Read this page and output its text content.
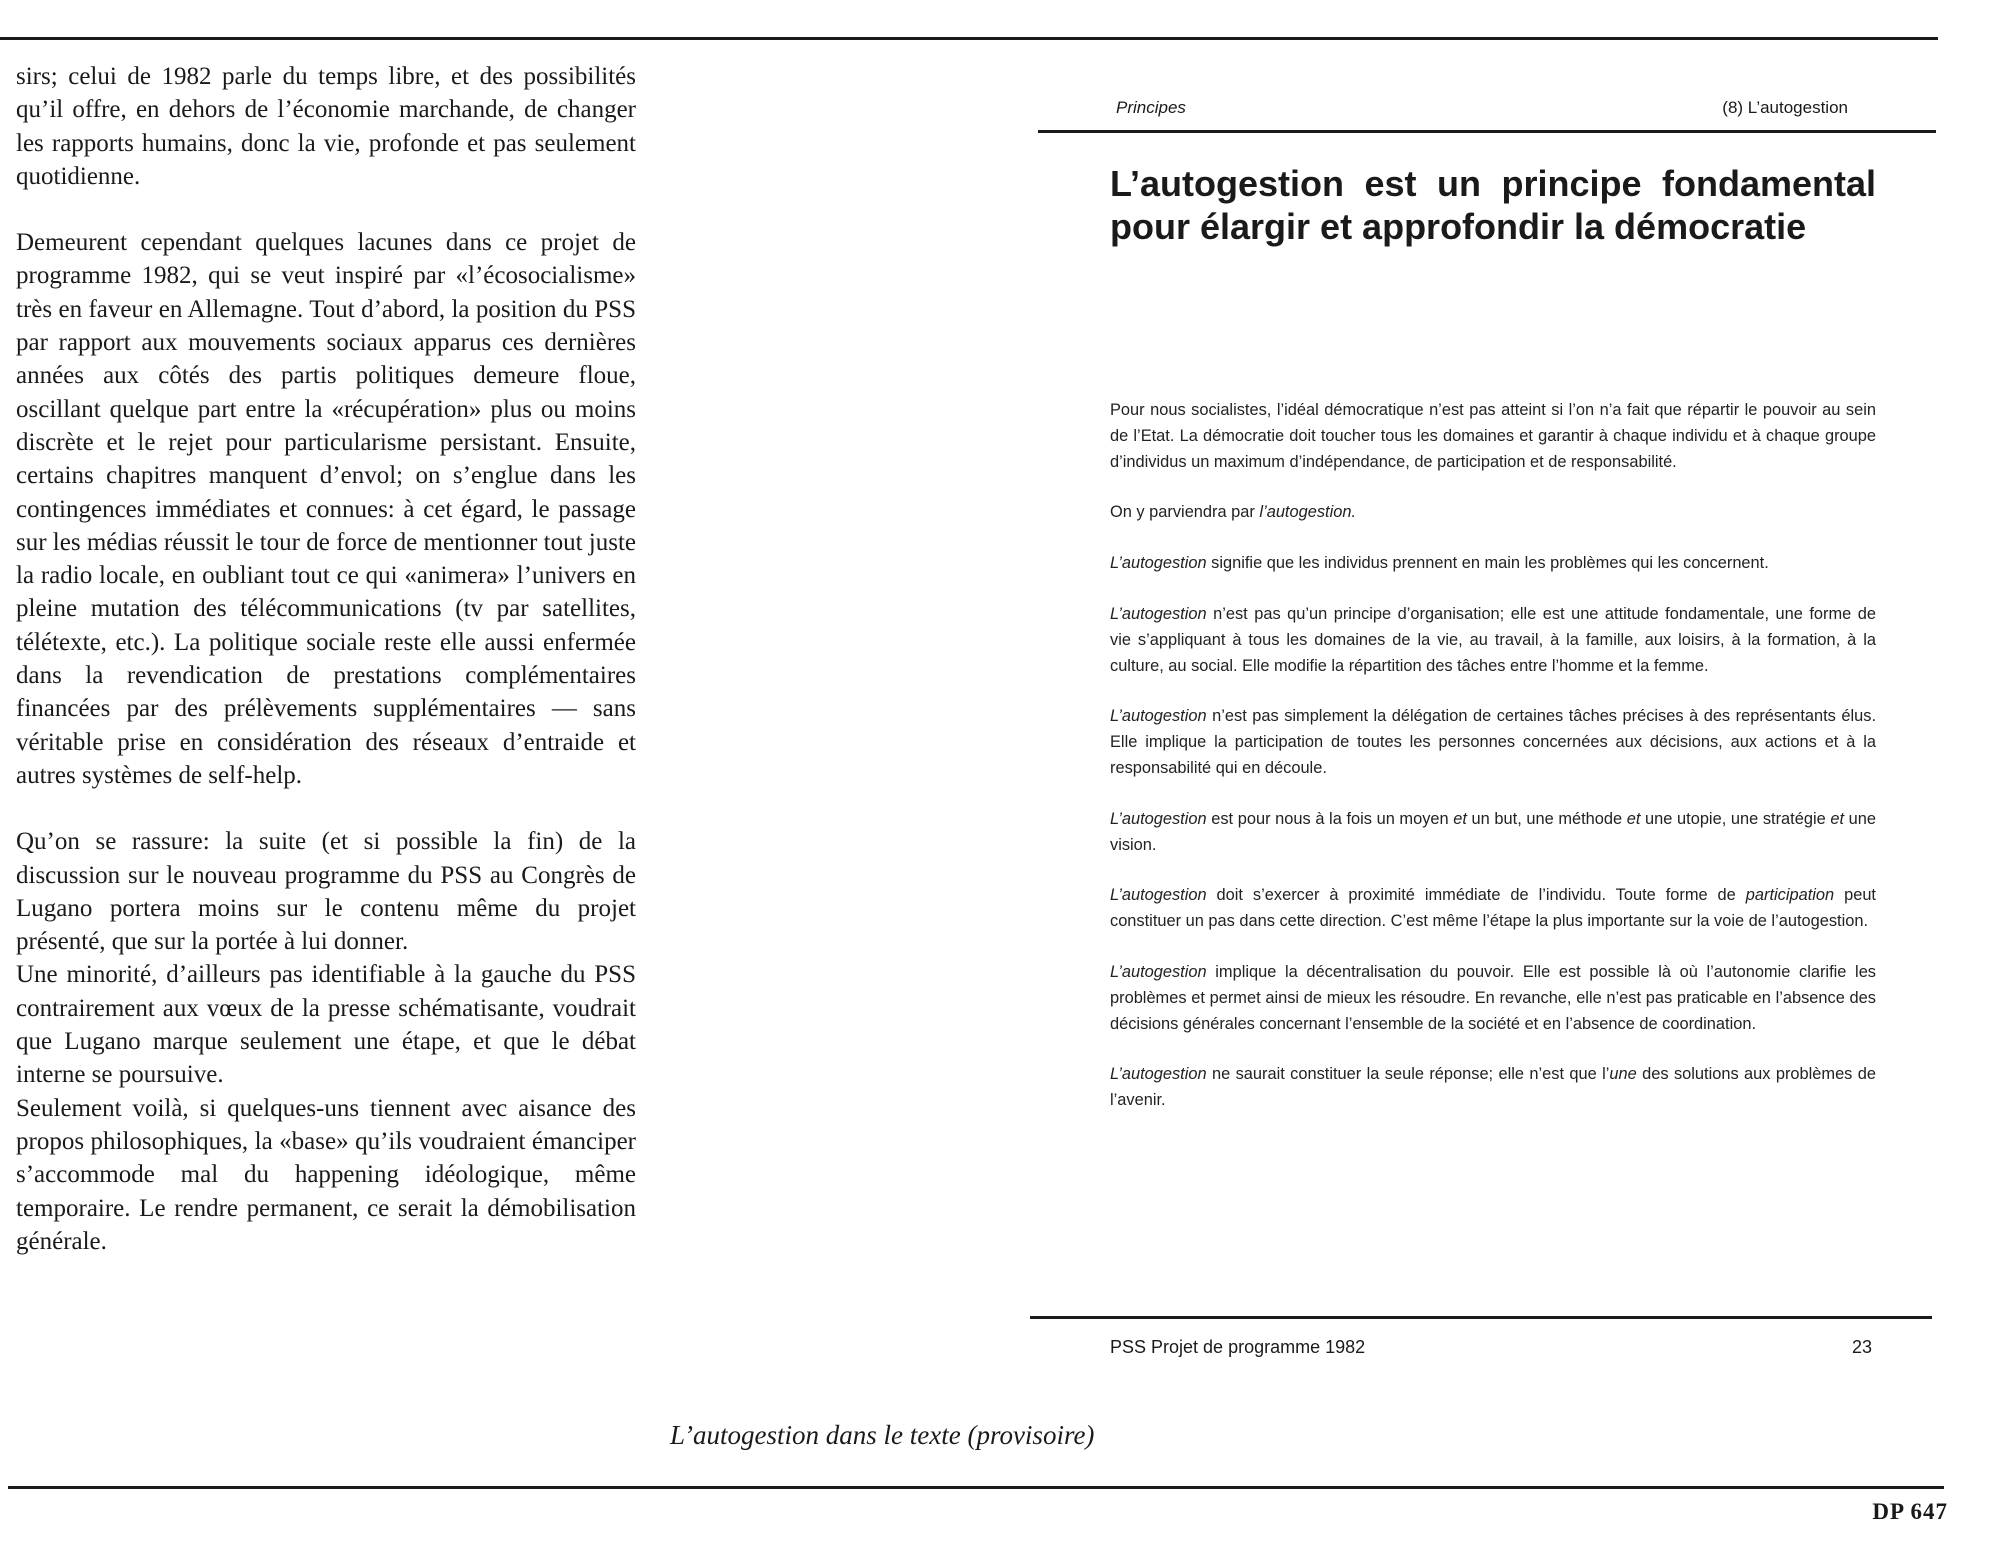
sirs; celui de 1982 parle du temps libre, et des possibilités qu’il offre, en dehors de l’économie marchande, de changer les rapports humains, donc la vie, profonde et pas seulement quotidienne.

Demeurent cependant quelques lacunes dans ce projet de programme 1982, qui se veut inspiré par «l’écosocialisme» très en faveur en Allemagne. Tout d’abord, la position du PSS par rapport aux mouvements sociaux apparus ces dernières années aux côtés des partis politiques demeure floue, oscillant quelque part entre la «récupération» plus ou moins discrète et le rejet pour particularisme persistant. Ensuite, certains chapitres manquent d’envol; on s’englue dans les contingences immédiates et connues: à cet égard, le passage sur les médias réussit le tour de force de mentionner tout juste la radio locale, en oubliant tout ce qui «animera» l’univers en pleine mutation des télécommunications (tv par satellites, télétexte, etc.). La politique sociale reste elle aussi enfermée dans la revendication de prestations complémentaires financées par des prélèvements supplémentaires — sans véritable prise en considération des réseaux d’entraide et autres systèmes de self-help.

Qu’on se rassure: la suite (et si possible la fin) de la discussion sur le nouveau programme du PSS au Congrès de Lugano portera moins sur le contenu même du projet présenté, que sur la portée à lui donner.

Une minorité, d’ailleurs pas identifiable à la gauche du PSS contrairement aux vœux de la presse schématisante, voudrait que Lugano marque seulement une étape, et que le débat interne se poursuive.

Seulement voilà, si quelques-uns tiennent avec aisance des propos philosophiques, la «base» qu’ils voudraient émanciper s’accommode mal du happening idéologique, même temporaire. Le rendre permanent, ce serait la démobilisation générale.

Principes	(8) L’autogestion
L’autogestion est un principe fondamental pour élargir et approfondir la démocratie

Pour nous socialistes, l’idéal démocratique n’est pas atteint si l’on n’a fait que répartir le pouvoir au sein de l’Etat. La démocratie doit toucher tous les domaines et garantir à chaque individu et à chaque groupe d’individus un maximum d’indépendance, de participation et de responsabilité.

On y parviendra par l’autogestion.

L’autogestion signifie que les individus prennent en main les problèmes qui les concernent.

L’autogestion n’est pas qu’un principe d’organisation; elle est une attitude fondamentale, une forme de vie s’appliquant à tous les domaines de la vie, au travail, à la famille, aux loisirs, à la formation, à la culture, au social. Elle modifie la répartition des tâches entre l’homme et la femme.

L’autogestion n’est pas simplement la délégation de certaines tâches précises à des représentants élus. Elle implique la participation de toutes les personnes concernées aux décisions, aux actions et à la responsabilité qui en découle.

L’autogestion est pour nous à la fois un moyen et un but, une méthode et une utopie, une stratégie et une vision.

L’autogestion doit s’exercer à proximité immédiate de l’individu. Toute forme de participation peut constituer un pas dans cette direction. C’est même l’étape la plus importante sur la voie de l’autogestion.

L’autogestion implique la décentralisation du pouvoir. Elle est possible là où l’autonomie clarifie les problèmes et permet ainsi de mieux les résoudre. En revanche, elle n’est pas praticable en l’absence des décisions générales concernant l’ensemble de la société et en l’absence de coordination.

L’autogestion ne saurait constituer la seule réponse; elle n’est que l’une des solutions aux problèmes de l’avenir.

PSS Projet de programme 1982	23
L’autogestion dans le texte (provisoire)
DP 647
